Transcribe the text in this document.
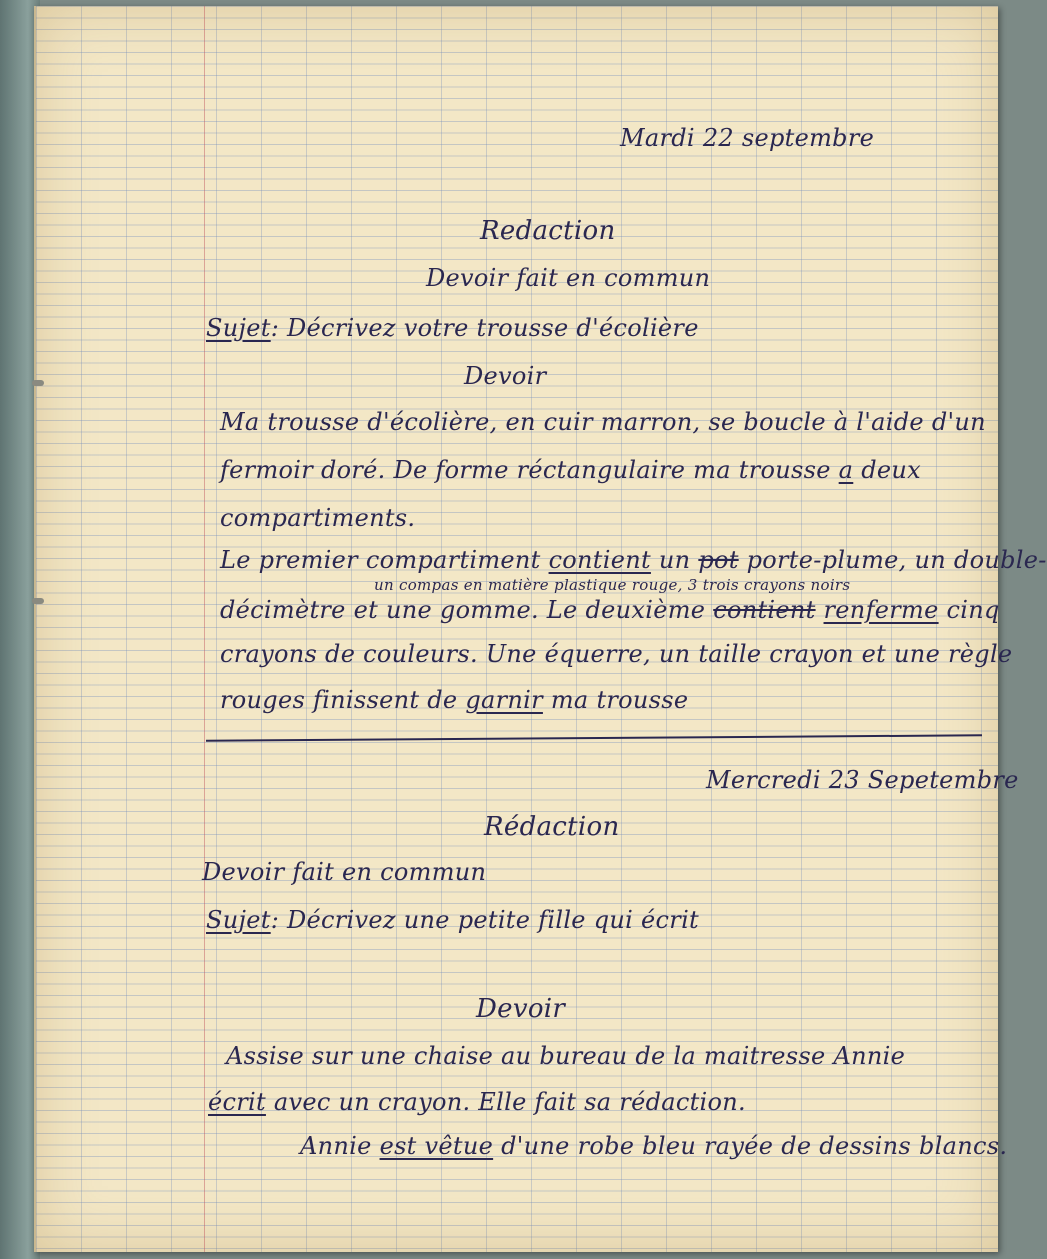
Mardi 22 septembre

Redaction

Devoir fait en commun

Sujet: Décrivez votre trousse d'écolière

Devoir

Ma trousse d'écolière, en cuir marron, se boucle à l'aide d'un

fermoir doré. De forme réctangulaire ma trousse a deux

compartiments.

Le premier compartiment contient un pot porte-plume, un double-

un compas en matière plastique rouge, 3 trois crayons noirs

décimètre et une gomme. Le deuxième contient renferme cinq

crayons de couleurs. Une équerre, un taille crayon et une règle

rouges finissent de garnir ma trousse

Mercredi 23 Sepetembre

Rédaction

Devoir fait en commun

Sujet: Décrivez une petite fille qui écrit

Devoir

Assise sur une chaise au bureau de la maitresse Annie

écrit avec un crayon. Elle fait sa rédaction.

Annie est vêtue d'une robe bleu rayée de dessins blancs.
